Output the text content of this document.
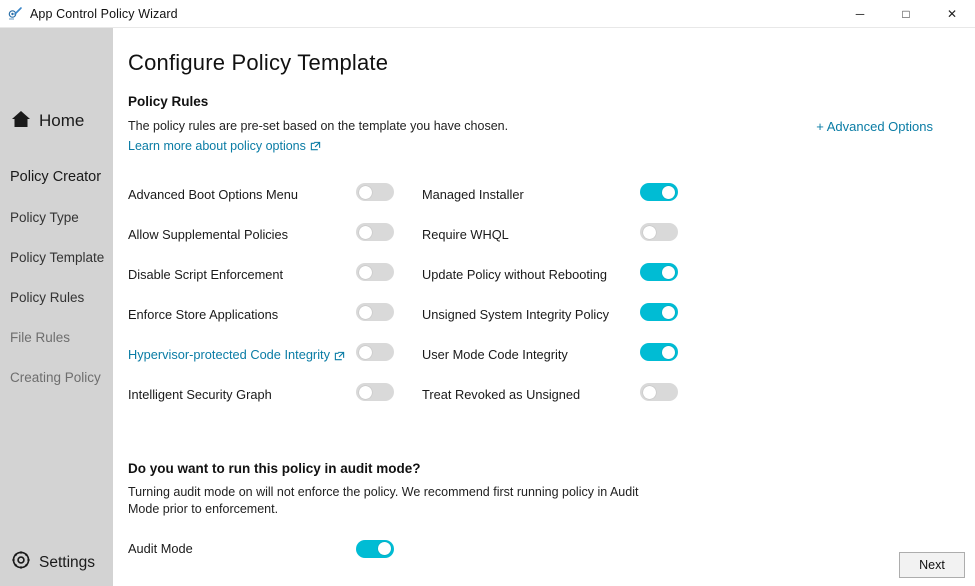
App Control Policy Wizard	─	□	✕
Home
Policy Creator
Policy Type
Policy Template
Policy Rules
File Rules
Creating Policy
Settings
Configure Policy Template
Policy Rules
The policy rules are pre-set based on the template you have chosen.
Learn more about policy options
+ Advanced Options
Advanced Boot Options Menu	Managed Installer
Allow Supplemental Policies	Require WHQL
Disable Script Enforcement	Update Policy without Rebooting
Enforce Store Applications	Unsigned System Integrity Policy
Hypervisor-protected Code Integrity	User Mode Code Integrity
Intelligent Security Graph	Treat Revoked as Unsigned
Do you want to run this policy in audit mode?
Turning audit mode on will not enforce the policy. We recommend first running policy in Audit Mode prior to enforcement.
Audit Mode
Next
